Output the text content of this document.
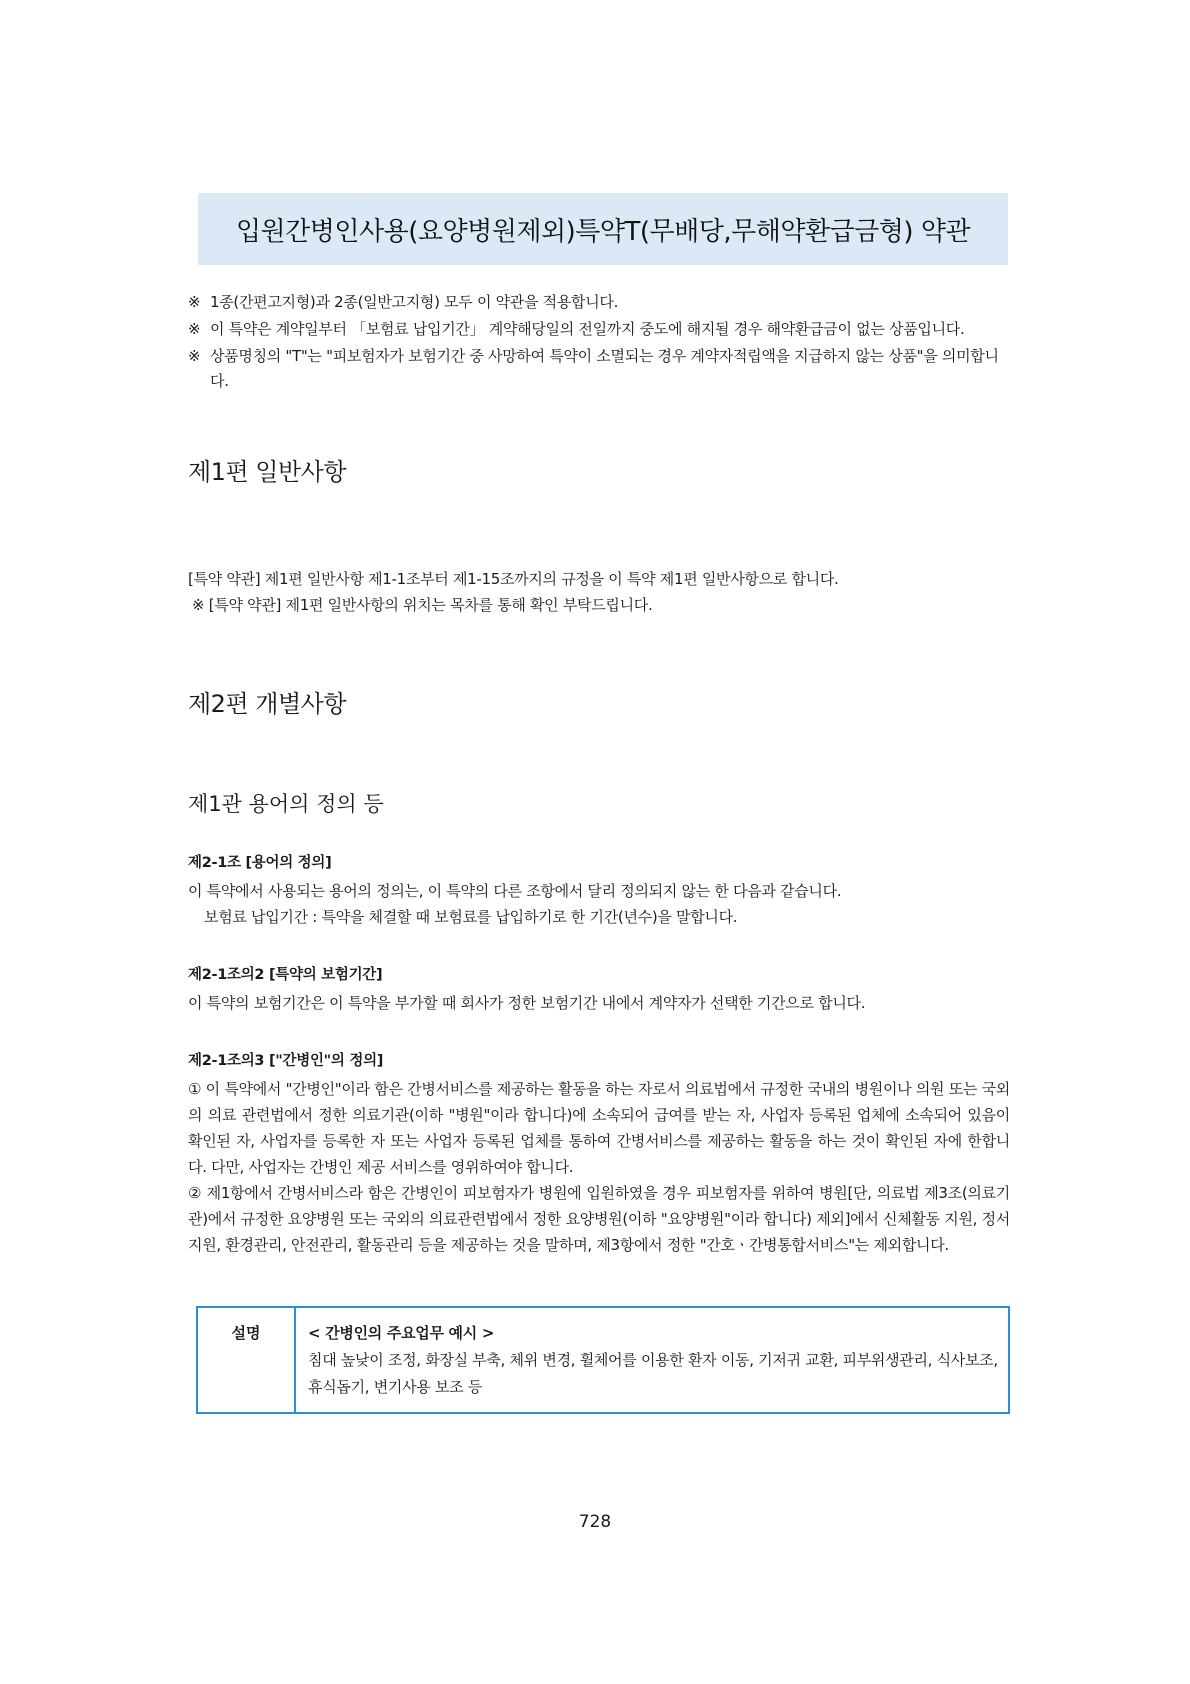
입원간병인사용(요양병원제외)특약T(무배당,무해약환급금형) 약관
※ 1종(간편고지형)과 2종(일반고지형) 모두 이 약관을 적용합니다.
※ 이 특약은 계약일부터 「보험료 납입기간」 계약해당일의 전일까지 중도에 해지될 경우 해약환급금이 없는 상품입니다.
※ 상품명칭의 "T"는 "피보험자가 보험기간 중 사망하여 특약이 소멸되는 경우 계약자적립액을 지급하지 않는 상품"을 의미합니다.
제1편 일반사항
[특약 약관] 제1편 일반사항 제1-1조부터 제1-15조까지의 규정을 이 특약 제1편 일반사항으로 합니다.
※ [특약 약관] 제1편 일반사항의 위치는 목차를 통해 확인 부탁드립니다.
제2편 개별사항
제1관 용어의 정의 등
제2-1조 [용어의 정의]

이 특약에서 사용되는 용어의 정의는, 이 특약의 다른 조항에서 달리 정의되지 않는 한 다음과 같습니다.

보험료 납입기간 : 특약을 체결할 때 보험료를 납입하기로 한 기간(년수)을 말합니다.

제2-1조의2 [특약의 보험기간]

이 특약의 보험기간은 이 특약을 부가할 때 회사가 정한 보험기간 내에서 계약자가 선택한 기간으로 합니다.

제2-1조의3 ["간병인"의 정의]

① 이 특약에서 "간병인"이라 함은 간병서비스를 제공하는 활동을 하는 자로서 의료법에서 규정한 국내의 병원이나 의원 또는 국외의 의료 관련법에서 정한 의료기관(이하 "병원"이라 합니다)에 소속되어 급여를 받는 자, 사업자 등록된 업체에 소속되어 있음이 확인된 자, 사업자를 등록한 자 또는 사업자 등록된 업체를 통하여 간병서비스를 제공하는 활동을 하는 것이 확인된 자에 한합니다. 다만, 사업자는 간병인 제공 서비스를 영위하여야 합니다.

② 제1항에서 간병서비스라 함은 간병인이 피보험자가 병원에 입원하였을 경우 피보험자를 위하여 병원[단, 의료법 제3조(의료기관)에서 규정한 요양병원 또는 국외의 의료관련법에서 정한 요양병원(이하 "요양병원"이라 합니다) 제외]에서 신체활동 지원, 정서지원, 환경관리, 안전관리, 활동관리 등을 제공하는 것을 말하며, 제3항에서 정한 "간호ㆍ간병통합서비스"는 제외합니다.

설명	< 간병인의 주요업무 예시 >
침대 높낮이 조정, 화장실 부축, 체위 변경, 휠체어를 이용한 환자 이동, 기저귀 교환, 피부위생관리, 식사보조, 휴식돕기, 변기사용 보조 등
728
